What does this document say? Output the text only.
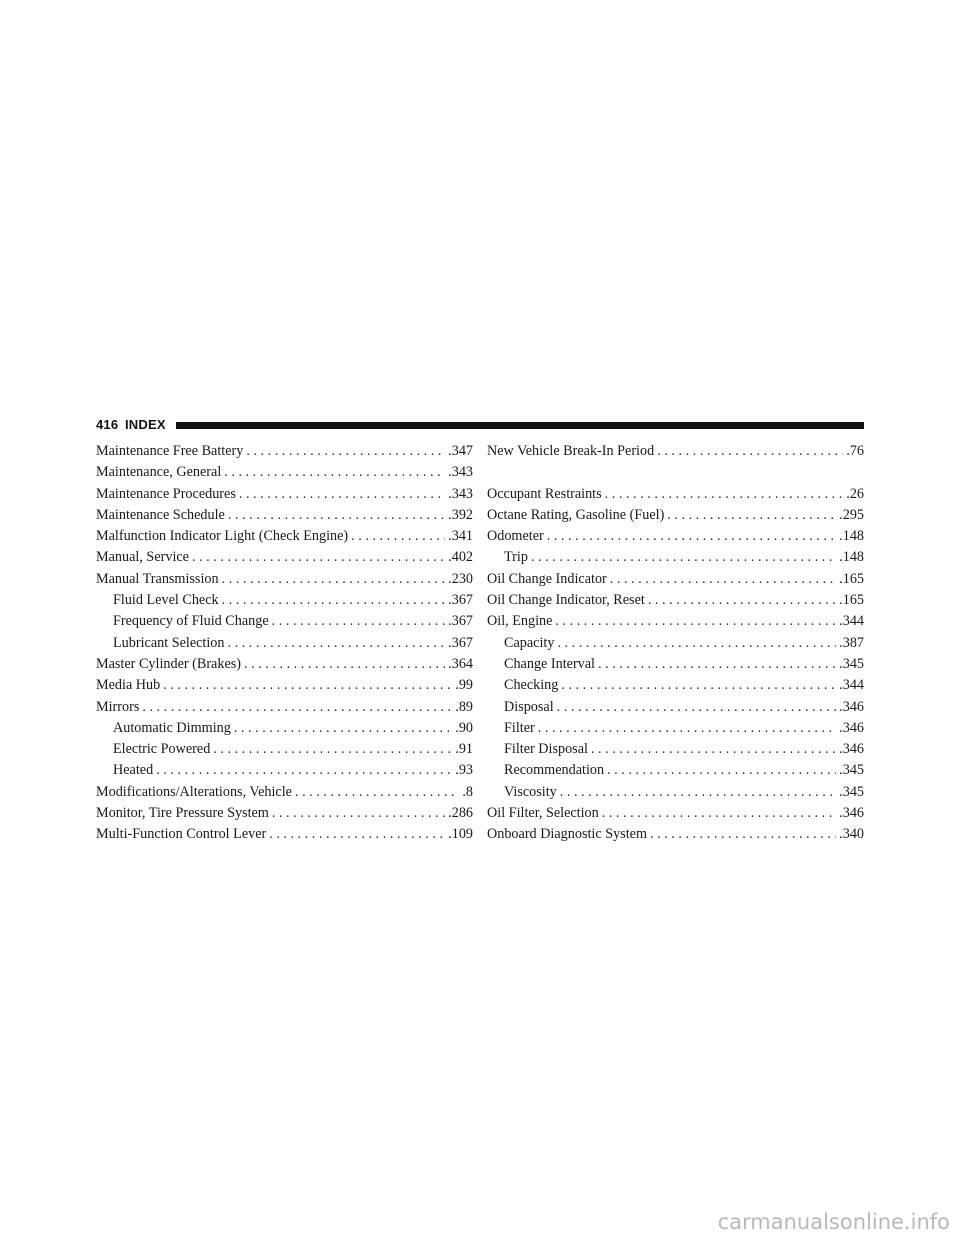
416 INDEX
Maintenance Free Battery . . .	.347
Maintenance, General . . .	.343
Maintenance Procedures . . .	.343
Maintenance Schedule . . .	.392
Malfunction Indicator Light (Check Engine) . . .	.341
Manual, Service . . .	.402
Manual Transmission . . .	.230
Fluid Level Check . . .	.367
Frequency of Fluid Change . . .	.367
Lubricant Selection . . .	.367
Master Cylinder (Brakes) . . .	.364
Media Hub . . .	.99
Mirrors . . .	.89
Automatic Dimming . . .	.90
Electric Powered . . .	.91
Heated . . .	.93
Modifications/Alterations, Vehicle . . .	.8
Monitor, Tire Pressure System . . .	.286
Multi-Function Control Lever . . .	.109
New Vehicle Break-In Period . . .	.76
Occupant Restraints . . .	.26
Octane Rating, Gasoline (Fuel) . . .	.295
Odometer . . .	.148
Trip . . .	.148
Oil Change Indicator . . .	.165
Oil Change Indicator, Reset . . .	.165
Oil, Engine . . .	.344
Capacity . . .	.387
Change Interval . . .	.345
Checking . . .	.344
Disposal . . .	.346
Filter . . .	.346
Filter Disposal . . .	.346
Recommendation . . .	.345
Viscosity . . .	.345
Oil Filter, Selection . . .	.346
Onboard Diagnostic System . . .	.340
carmanualsonline.info
